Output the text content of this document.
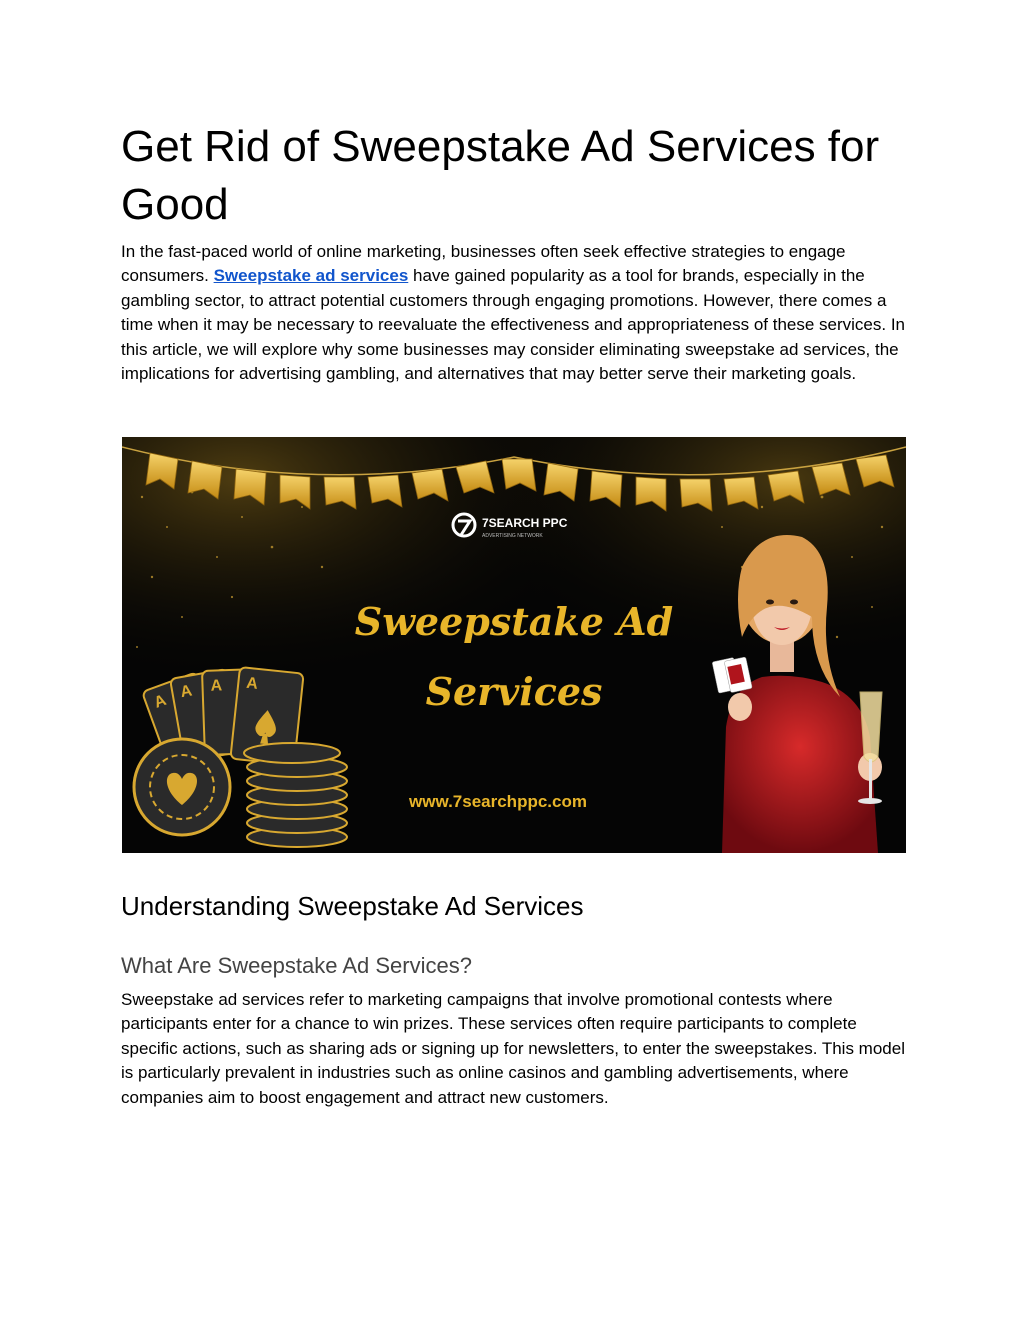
Get Rid of Sweepstake Ad Services for Good

In the fast-paced world of online marketing, businesses often seek effective strategies to engage consumers. Sweepstake ad services have gained popularity as a tool for brands, especially in the gambling sector, to attract potential customers through engaging promotions. However, there comes a time when it may be necessary to reevaluate the effectiveness and appropriateness of these services. In this article, we will explore why some businesses may consider eliminating sweepstake ad services, the implications for advertising gambling, and alternatives that may better serve their marketing goals.

7SEARCH PPC
ADVERTISING NETWORK
Sweepstake Ad
Services
www.7searchppc.com
A
A A A
Understanding Sweepstake Ad Services
What Are Sweepstake Ad Services?

Sweepstake ad services refer to marketing campaigns that involve promotional contests where participants enter for a chance to win prizes. These services often require participants to complete specific actions, such as sharing ads or signing up for newsletters, to enter the sweepstakes. This model is particularly prevalent in industries such as online casinos and gambling advertisements, where companies aim to boost engagement and attract new customers.
